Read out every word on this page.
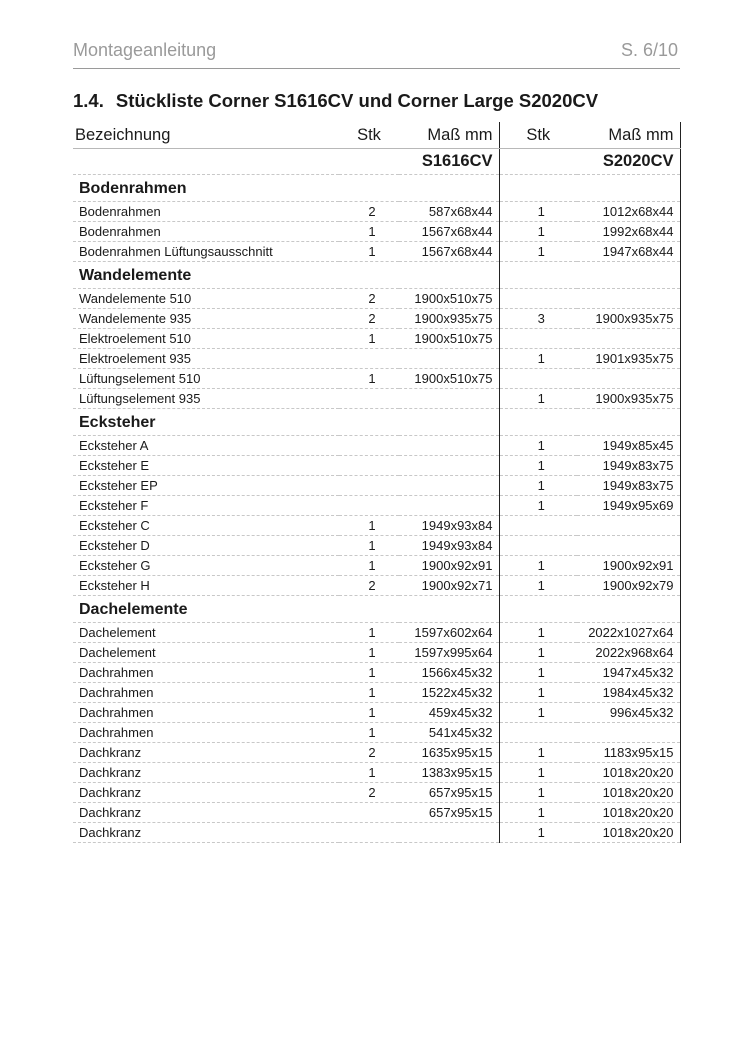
Montageanleitung	S. 6/10
1.4. Stückliste Corner S1616CV und Corner Large S2020CV
Bezeichnung	Stk	Maß mm	Stk	Maß mm
		S1616CV		S2020CV
Bodenrahmen				
Bodenrahmen	2	587x68x44	1	1012x68x44
Bodenrahmen	1	1567x68x44	1	1992x68x44
Bodenrahmen Lüftungsausschnitt	1	1567x68x44	1	1947x68x44
Wandelemente				
Wandelemente 510	2	1900x510x75		
Wandelemente 935	2	1900x935x75	3	1900x935x75
Elektroelement 510	1	1900x510x75		
Elektroelement 935			1	1901x935x75
Lüftungselement 510	1	1900x510x75		
Lüftungselement 935			1	1900x935x75
Ecksteher				
Ecksteher A			1	1949x85x45
Ecksteher E			1	1949x83x75
Ecksteher EP			1	1949x83x75
Ecksteher F			1	1949x95x69
Ecksteher C	1	1949x93x84		
Ecksteher D	1	1949x93x84		
Ecksteher G	1	1900x92x91	1	1900x92x91
Ecksteher H	2	1900x92x71	1	1900x92x79
Dachelemente				
Dachelement	1	1597x602x64	1	2022x1027x64
Dachelement	1	1597x995x64	1	2022x968x64
Dachrahmen	1	1566x45x32	1	1947x45x32
Dachrahmen	1	1522x45x32	1	1984x45x32
Dachrahmen	1	459x45x32	1	996x45x32
Dachrahmen	1	541x45x32		
Dachkranz	2	1635x95x15	1	1183x95x15
Dachkranz	1	1383x95x15	1	1018x20x20
Dachkranz	2	657x95x15	1	1018x20x20
Dachkranz		657x95x15	1	1018x20x20
Dachkranz			1	1018x20x20
